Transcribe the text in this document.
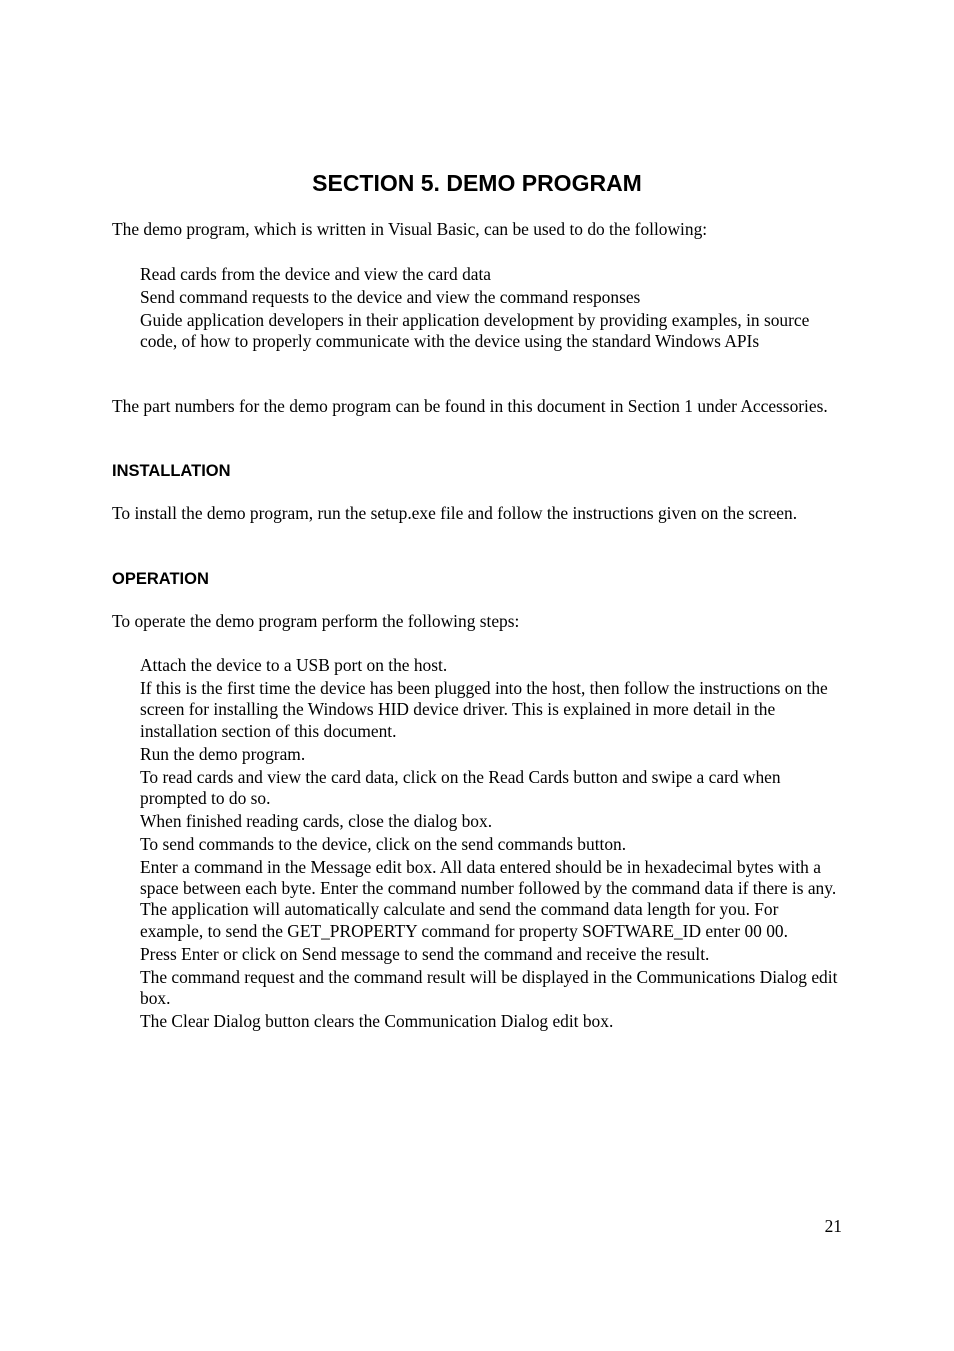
SECTION 5. DEMO PROGRAM

The demo program, which is written in Visual Basic, can be used to do the following:

Read cards from the device and view the card data
Send command requests to the device and view the command responses
Guide application developers in their application development by providing examples, in source code, of how to properly communicate with the device using the standard Windows APIs

The part numbers for the demo program can be found in this document in Section 1 under Accessories.

INSTALLATION

To install the demo program, run the setup.exe file and follow the instructions given on the screen.

OPERATION

To operate the demo program perform the following steps:

Attach the device to a USB port on the host.
If this is the first time the device has been plugged into the host, then follow the instructions on the screen for installing the Windows HID device driver. This is explained in more detail in the installation section of this document.
Run the demo program.
To read cards and view the card data, click on the Read Cards button and swipe a card when prompted to do so.
When finished reading cards, close the dialog box.
To send commands to the device, click on the send commands button.
Enter a command in the Message edit box. All data entered should be in hexadecimal bytes with a space between each byte. Enter the command number followed by the command data if there is any. The application will automatically calculate and send the command data length for you. For example, to send the GET_PROPERTY command for property SOFTWARE_ID enter 00 00.
Press Enter or click on Send message to send the command and receive the result.
The command request and the command result will be displayed in the Communications Dialog edit box.
The Clear Dialog button clears the Communication Dialog edit box.

21
